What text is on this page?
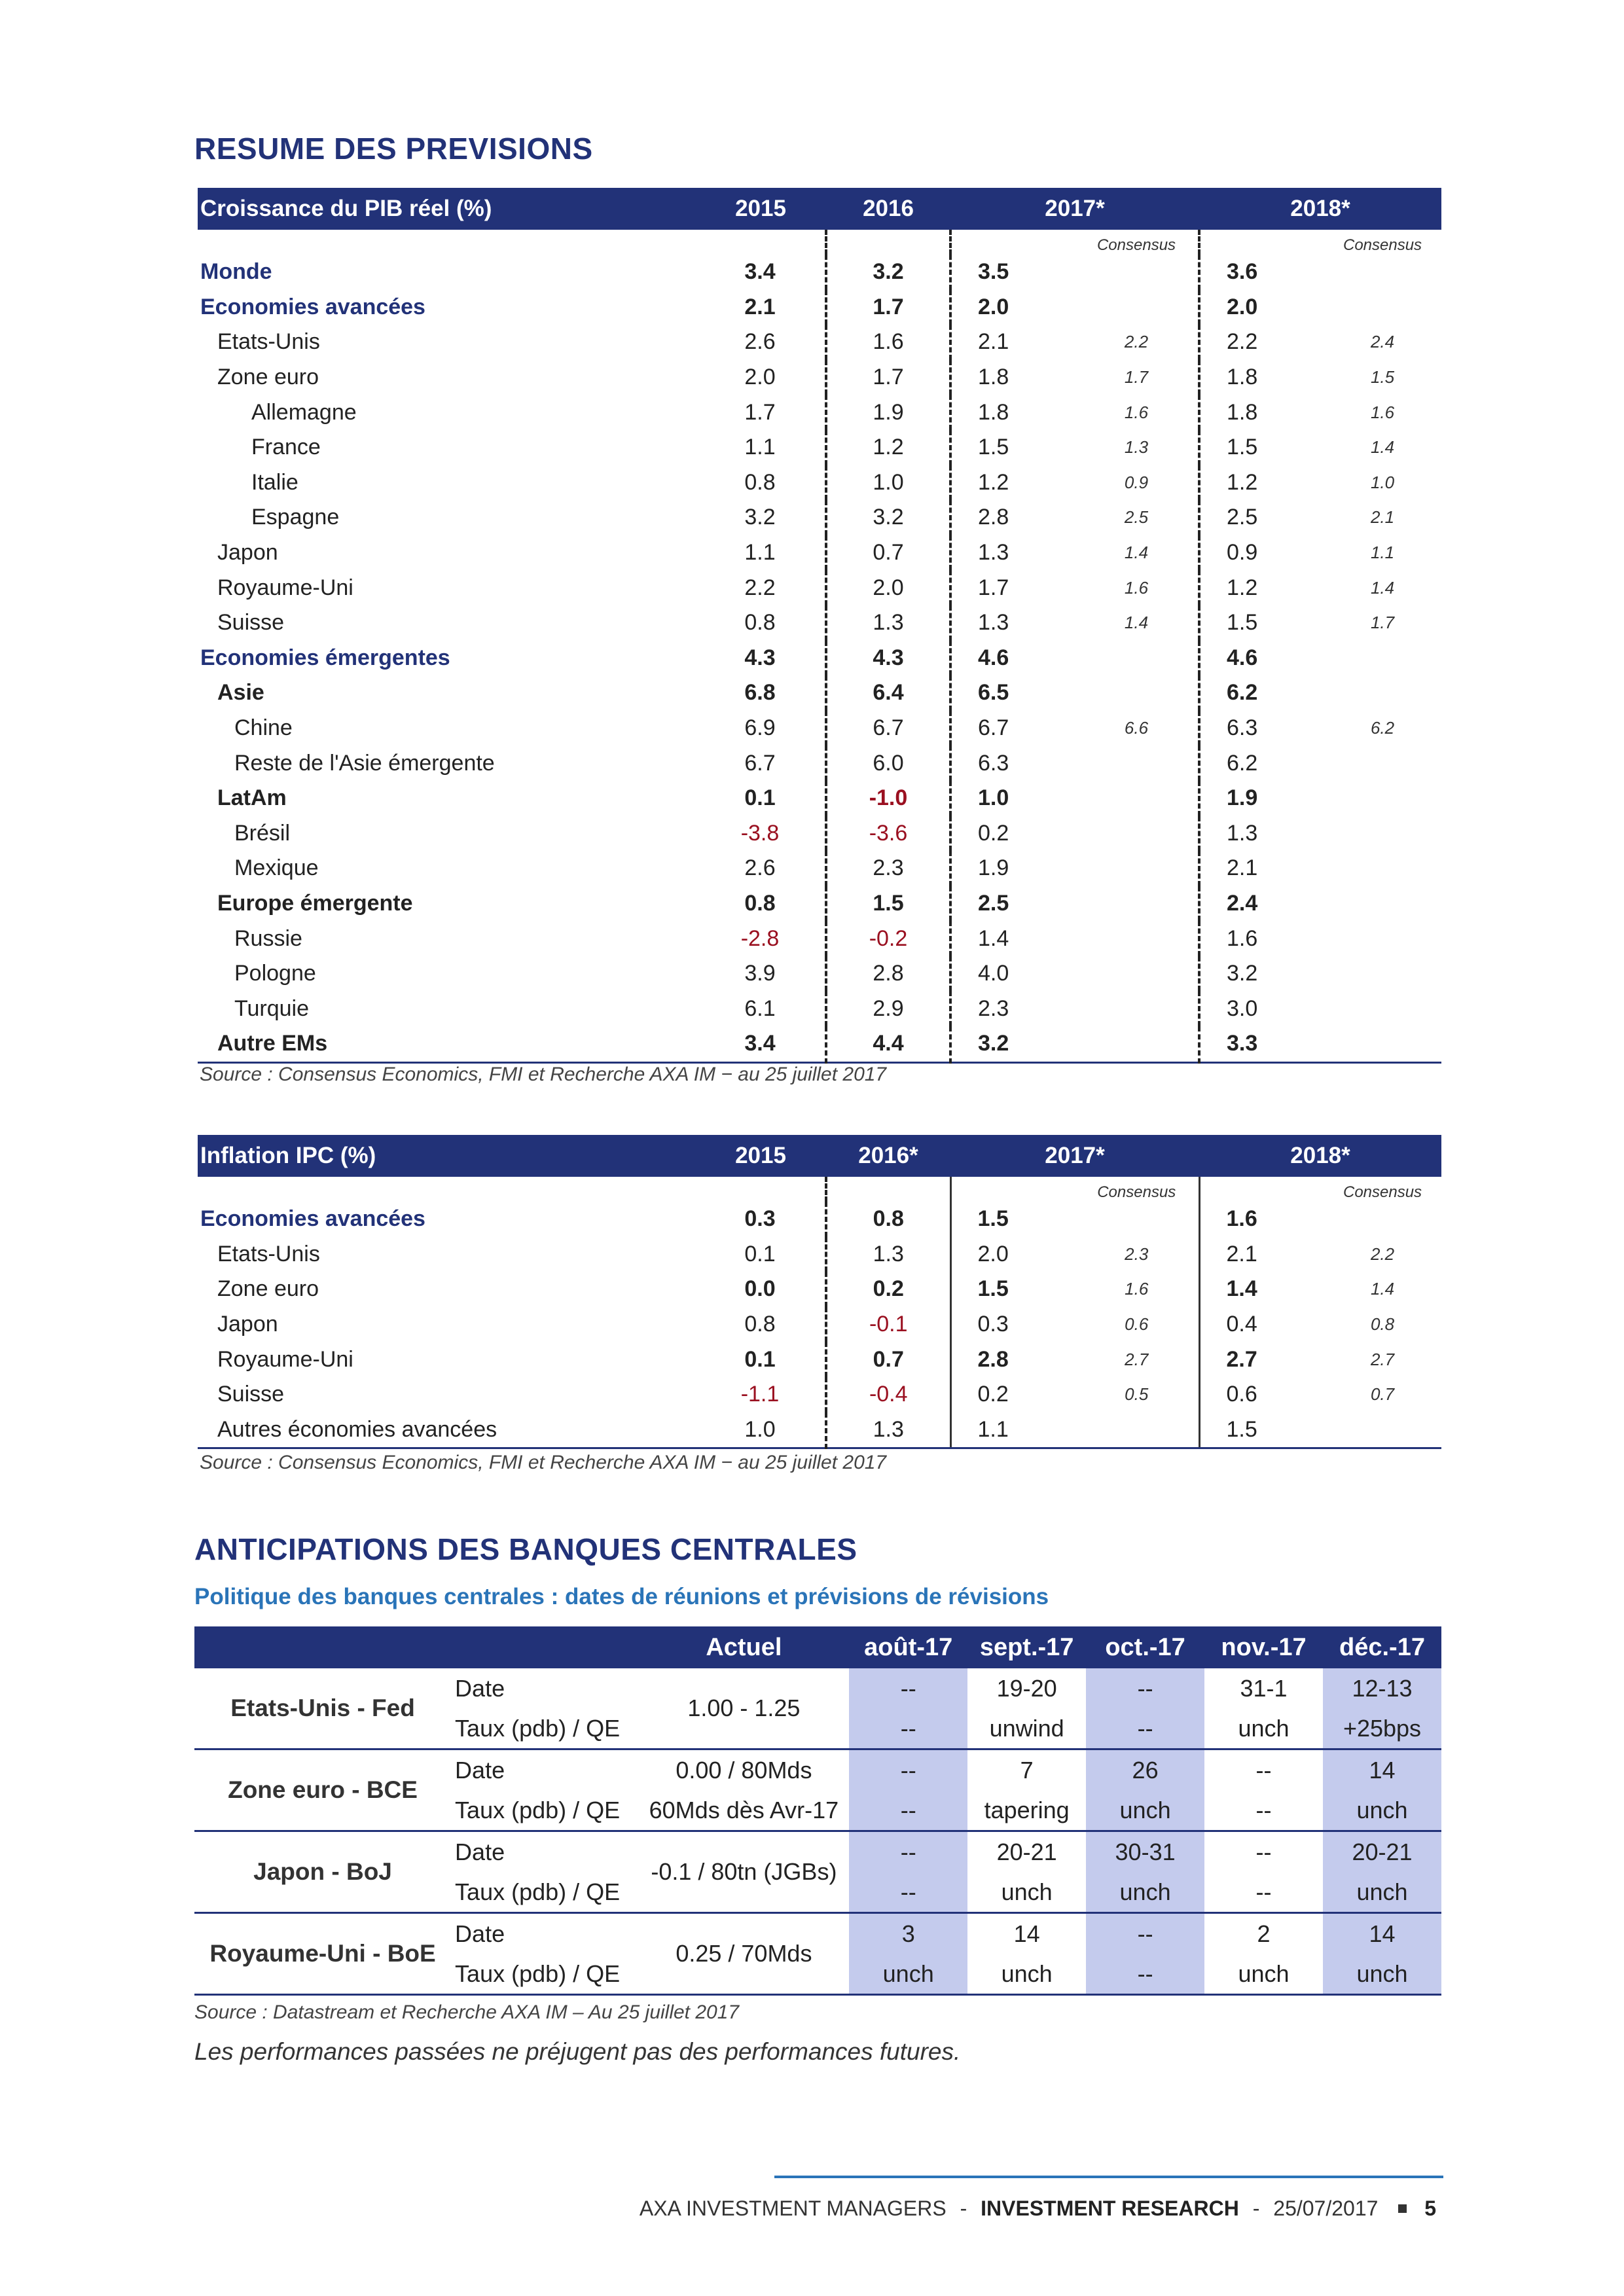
RESUME DES PREVISIONS
Croissance du PIB réel (%)	2015	2016	2017*		2018*	
				Consensus		Consensus
Monde	3.4	3.2	3.5		3.6	
Economies avancées	2.1	1.7	2.0		2.0	
Etats-Unis	2.6	1.6	2.1	2.2	2.2	2.4
Zone euro	2.0	1.7	1.8	1.7	1.8	1.5
Allemagne	1.7	1.9	1.8	1.6	1.8	1.6
France	1.1	1.2	1.5	1.3	1.5	1.4
Italie	0.8	1.0	1.2	0.9	1.2	1.0
Espagne	3.2	3.2	2.8	2.5	2.5	2.1
Japon	1.1	0.7	1.3	1.4	0.9	1.1
Royaume-Uni	2.2	2.0	1.7	1.6	1.2	1.4
Suisse	0.8	1.3	1.3	1.4	1.5	1.7
Economies émergentes	4.3	4.3	4.6		4.6	
Asie	6.8	6.4	6.5		6.2	
Chine	6.9	6.7	6.7	6.6	6.3	6.2
Reste de l'Asie émergente	6.7	6.0	6.3		6.2	
LatAm	0.1	-1.0	1.0		1.9	
Brésil	-3.8	-3.6	0.2		1.3	
Mexique	2.6	2.3	1.9		2.1	
Europe émergente	0.8	1.5	2.5		2.4	
Russie	-2.8	-0.2	1.4		1.6	
Pologne	3.9	2.8	4.0		3.2	
Turquie	6.1	2.9	2.3		3.0	
Autre EMs	3.4	4.4	3.2		3.3	
Source : Consensus Economics, FMI et Recherche AXA IM − au 25 juillet 2017
Inflation IPC (%)	2015	2016*	2017*		2018*	
				Consensus		Consensus
Economies avancées	0.3	0.8	1.5		1.6	
Etats-Unis	0.1	1.3	2.0	2.3	2.1	2.2
Zone euro	0.0	0.2	1.5	1.6	1.4	1.4
Japon	0.8	-0.1	0.3	0.6	0.4	0.8
Royaume-Uni	0.1	0.7	2.8	2.7	2.7	2.7
Suisse	-1.1	-0.4	0.2	0.5	0.6	0.7
Autres économies avancées	1.0	1.3	1.1		1.5	
Source : Consensus Economics, FMI et Recherche AXA IM − au 25 juillet 2017
ANTICIPATIONS DES BANQUES CENTRALES
Politique des banques centrales : dates de réunions et prévisions de révisions
		Actuel	août-17	sept.-17	oct.-17	nov.-17	déc.-17
Etats-Unis - Fed	Date	1.00 - 1.25	--	19-20	--	31-1	12-13
	Taux (pdb) / QE		--	unwind	--	unch	+25bps
Zone euro - BCE	Date	0.00 / 80Mds	--	7	26	--	14
	Taux (pdb) / QE	60Mds dès Avr-17	--	tapering	unch	--	unch
Japon - BoJ	Date	-0.1 / 80tn (JGBs)	--	20-21	30-31	--	20-21
	Taux (pdb) / QE		--	unch	unch	--	unch
Royaume-Uni - BoE	Date	0.25 / 70Mds	3	14	--	2	14
	Taux (pdb) / QE		unch	unch	--	unch	unch
Source : Datastream et Recherche AXA IM – Au 25 juillet 2017
Les performances passées ne préjugent pas des performances futures.
AXA INVESTMENT MANAGERS - INVESTMENT RESEARCH - 25/07/2017 5
